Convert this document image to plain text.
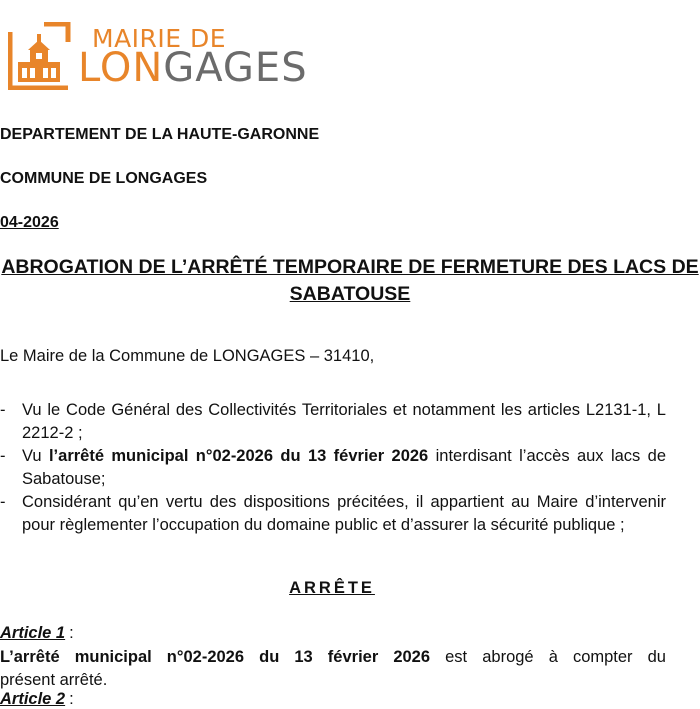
MAIRIE DE
LONGAGES
DEPARTEMENT DE LA HAUTE-GARONNE
COMMUNE DE LONGAGES
04-2026
ABROGATION DE L’ARRÊTÉ TEMPORAIRE DE FERMETURE DES LACS DE
SABATOUSE
Le Maire de la Commune de LONGAGES – 31410,
- Vu le Code Général des Collectivités Territoriales et notamment les articles L2131-1, L 2212-2 ;
- Vu l’arrêté municipal n°02-2026 du 13 février 2026 interdisant l’accès aux lacs de Sabatouse;
- Considérant qu’en vertu des dispositions précitées, il appartient au Maire d’intervenir pour règlementer l’occupation du domaine public et d’assurer la sécurité publique ;
ARRÊTE
Article 1 :
L’arrêté municipal n°02-2026 du 13 février 2026 est abrogé à compter du
présent arrêté.
Article 2 :
